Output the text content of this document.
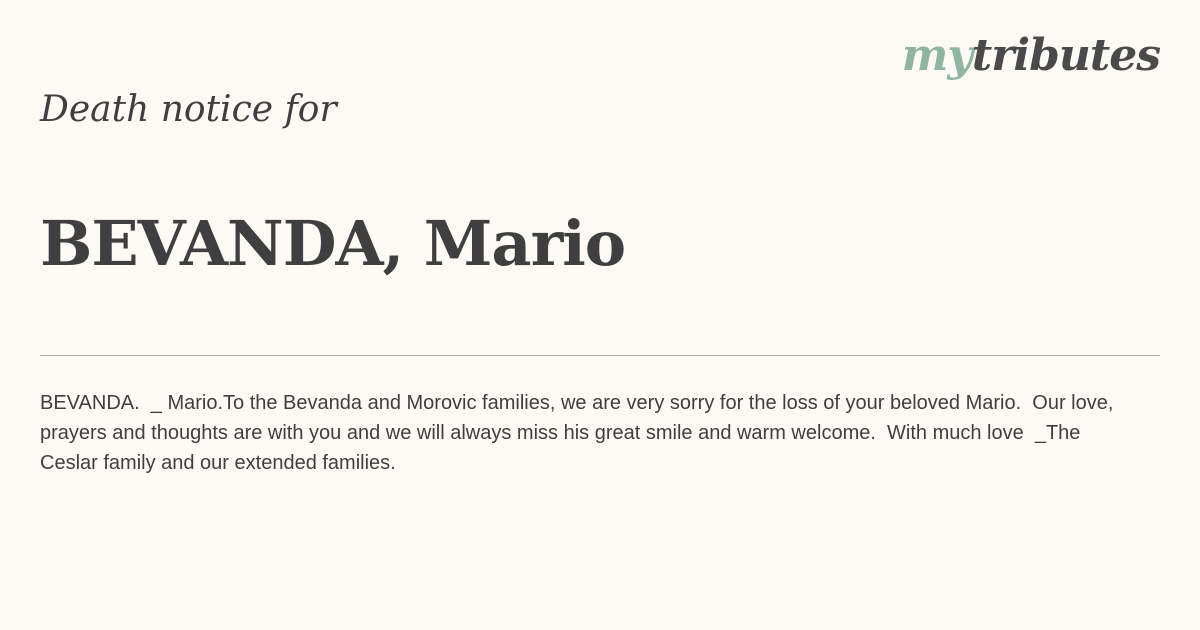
mytributes
Death notice for
BEVANDA, Mario

BEVANDA.  _ Mario.To the Bevanda and Morovic families, we are very sorry for the loss of your beloved Mario.  Our love, prayers and thoughts are with you and we will always miss his great smile and warm welcome.  With much love  _The Ceslar family and our extended families.
